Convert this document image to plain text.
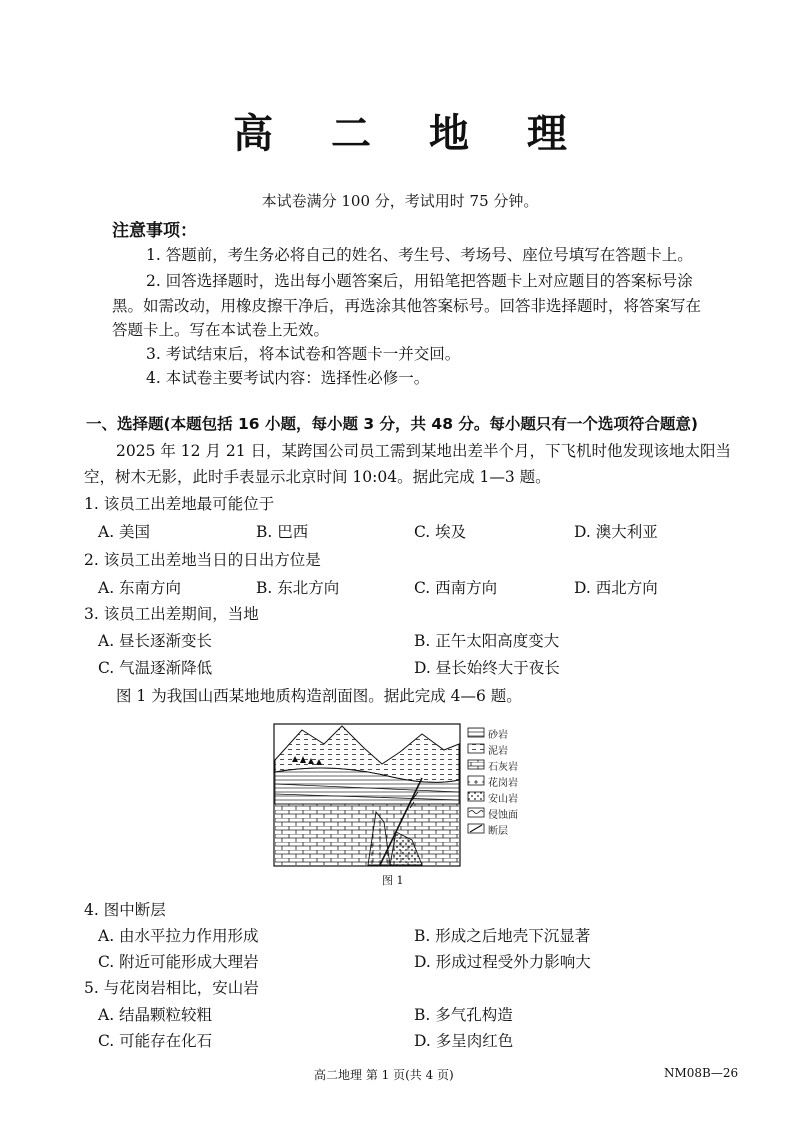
高 二 地 理
本试卷满分 100 分，考试用时 75 分钟。
注意事项：
1. 答题前，考生务必将自己的姓名、考生号、考场号、座位号填写在答题卡上。
2. 回答选择题时，选出每小题答案后，用铅笔把答题卡上对应题目的答案标号涂
黑。如需改动，用橡皮擦干净后，再选涂其他答案标号。回答非选择题时，将答案写在
答题卡上。写在本试卷上无效。
3. 考试结束后，将本试卷和答题卡一并交回。
4. 本试卷主要考试内容：选择性必修一。
一、选择题(本题包括 16 小题，每小题 3 分，共 48 分。每小题只有一个选项符合题意)
2025 年 12 月 21 日，某跨国公司员工需到某地出差半个月，下飞机时他发现该地太阳当
空，树木无影，此时手表显示北京时间 10:04。据此完成 1—3 题。
1. 该员工出差地最可能位于
A. 美国	B. 巴西	C. 埃及	D. 澳大利亚
2. 该员工出差地当日的日出方位是
A. 东南方向	B. 东北方向	C. 西南方向	D. 西北方向
3. 该员工出差期间，当地
A. 昼长逐渐变长	B. 正午太阳高度变大
C. 气温逐渐降低	D. 昼长始终大于夜长
图 1 为我国山西某地地质构造剖面图。据此完成 4—6 题。
砂岩
泥岩
石灰岩
花岗岩
安山岩
侵蚀面
断层
图 1
4. 图中断层
A. 由水平拉力作用形成	B. 形成之后地壳下沉显著
C. 附近可能形成大理岩	D. 形成过程受外力影响大
5. 与花岗岩相比，安山岩
A. 结晶颗粒较粗	B. 多气孔构造
C. 可能存在化石	D. 多呈肉红色
高二地理 第 1 页(共 4 页)	NM08B—26
